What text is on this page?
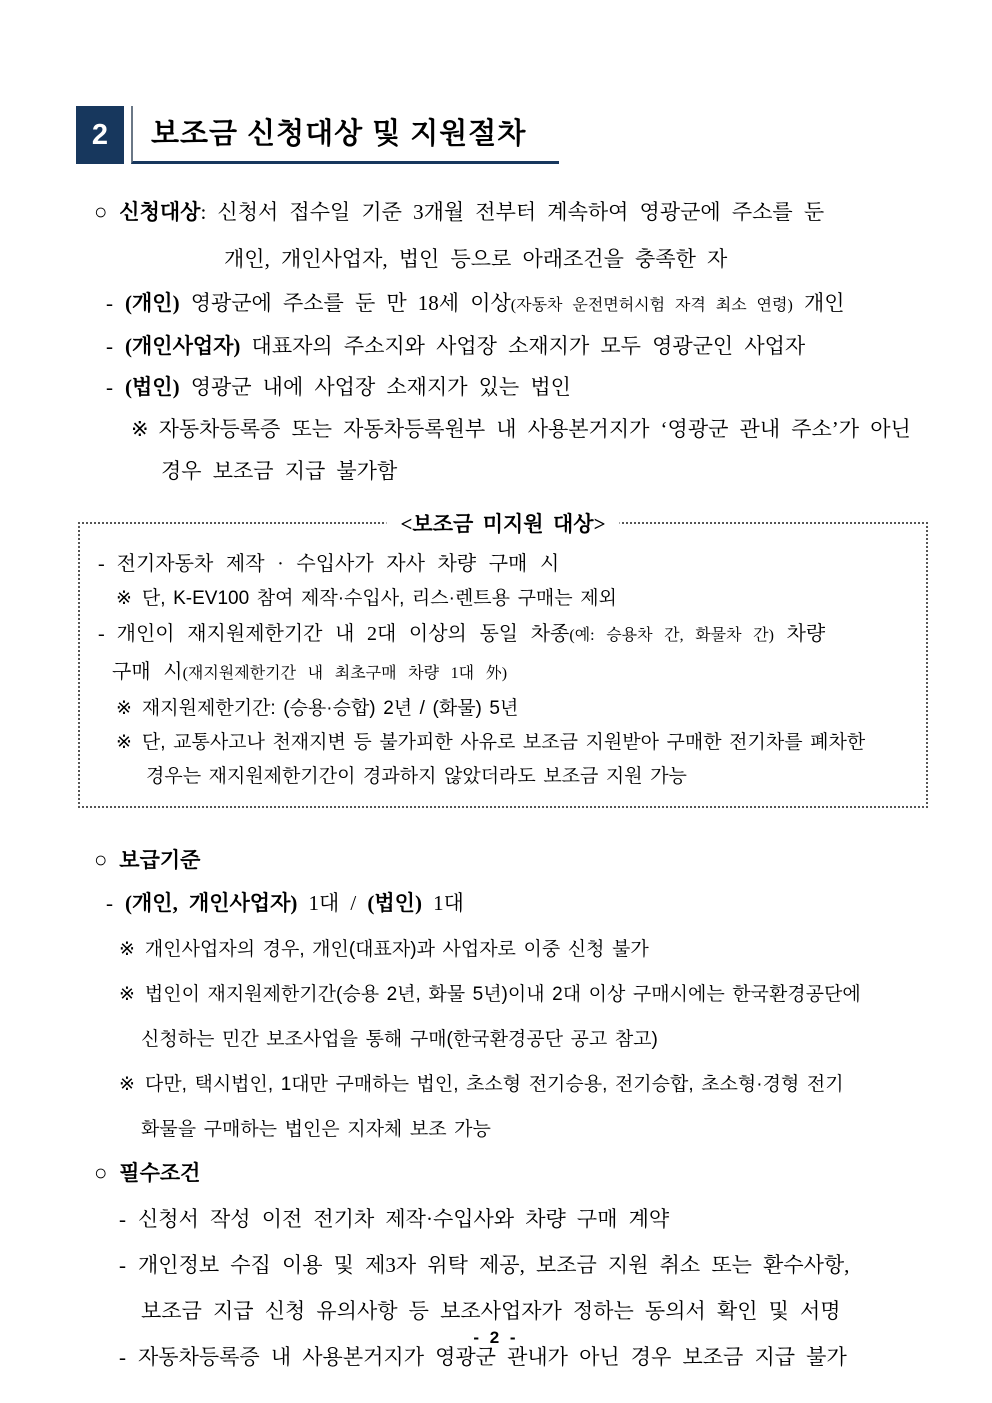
2	보조금 신청대상 및 지원절차
○ 신청대상: 신청서 접수일 기준 3개월 전부터 계속하여 영광군에 주소를 둔
개인, 개인사업자, 법인 등으로 아래조건을 충족한 자
- (개인) 영광군에 주소를 둔 만 18세 이상(자동차 운전면허시험 자격 최소 연령) 개인
- (개인사업자) 대표자의 주소지와 사업장 소재지가 모두 영광군인 사업자
- (법인) 영광군 내에 사업장 소재지가 있는 법인
※ 자동차등록증 또는 자동차등록원부 내 사용본거지가 ‘영광군 관내 주소’가 아닌
경우 보조금 지급 불가함
<보조금 미지원 대상>
- 전기자동차 제작 · 수입사가 자사 차량 구매 시
※ 단, K-EV100 참여 제작·수입사, 리스·렌트용 구매는 제외
- 개인이 재지원제한기간 내 2대 이상의 동일 차종(예: 승용차 간, 화물차 간) 차량
구매 시(재지원제한기간 내 최초구매 차량 1대 外)
※ 재지원제한기간: (승용·승합) 2년 / (화물) 5년
※ 단, 교통사고나 천재지변 등 불가피한 사유로 보조금 지원받아 구매한 전기차를 폐차한
경우는 재지원제한기간이 경과하지 않았더라도 보조금 지원 가능
○ 보급기준
- (개인, 개인사업자) 1대 / (법인) 1대
※ 개인사업자의 경우, 개인(대표자)과 사업자로 이중 신청 불가
※ 법인이 재지원제한기간(승용 2년, 화물 5년)이내 2대 이상 구매시에는 한국환경공단에
신청하는 민간 보조사업을 통해 구매(한국환경공단 공고 참고)
※ 다만, 택시법인, 1대만 구매하는 법인, 초소형 전기승용, 전기승합, 초소형·경형 전기
화물을 구매하는 법인은 지자체 보조 가능
○ 필수조건
- 신청서 작성 이전 전기차 제작·수입사와 차량 구매 계약
- 개인정보 수집 이용 및 제3자 위탁 제공, 보조금 지원 취소 또는 환수사항,
보조금 지급 신청 유의사항 등 보조사업자가 정하는 동의서 확인 및 서명
- 자동차등록증 내 사용본거지가 영광군 관내가 아닌 경우 보조금 지급 불가
- 2 -
